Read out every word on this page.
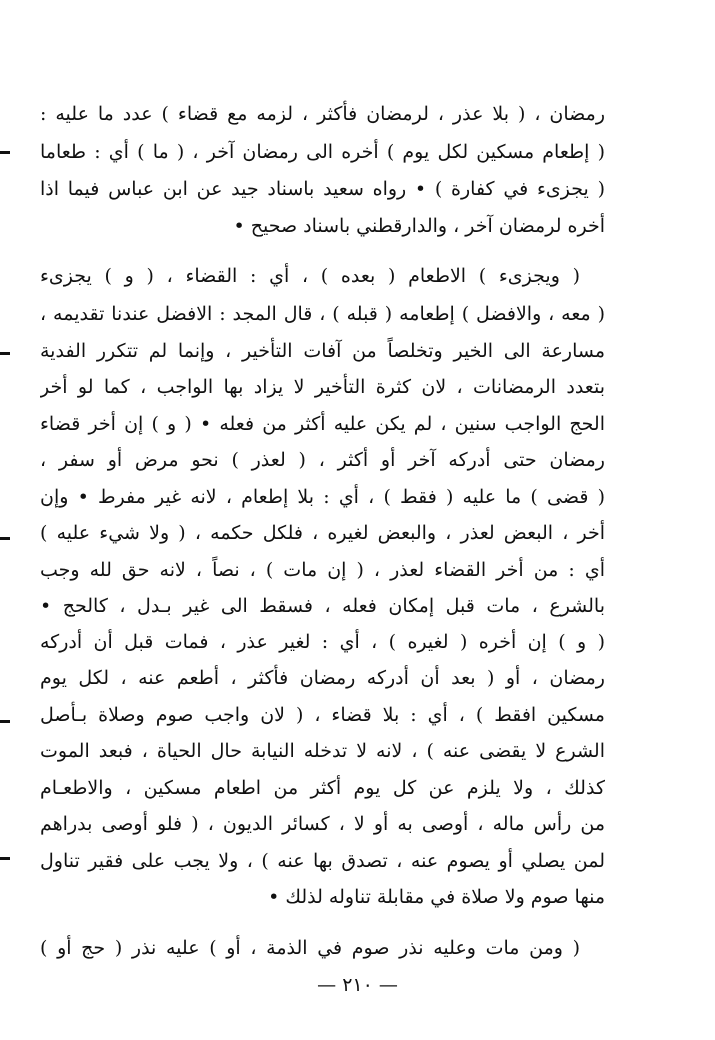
رمضان ، ( بلا عذر ، لرمضان فأكثر ، لزمه مع قضاء ) عدد ما عليه :
( إطعام مسكين لكل يوم ) أخره الى رمضان آخر ، ( ما ) أي : طعاما
( يجزىء في كفارة ) • رواه سعيد باسناد جيد عن ابن عباس فيما اذا
أخره لرمضان آخر ، والدارقطني باسناد صحيح •
( ويجزىء ) الاطعام ( بعده ) ، أي : القضاء ، ( و ) يجزىء
( معه ، والافضل ) إطعامه ( قبله ) ، قال المجد : الافضل عندنا تقديمه ،
مسارعة الى الخير وتخلصاً من آفات التأخير ، وإنما لم تتكرر الفدية
بتعدد الرمضانات ، لان كثرة التأخير لا يزاد بها الواجب ، كما لو أخر
الحج الواجب سنين ، لم يكن عليه أكثر من فعله • ( و ) إن أخر قضاء
رمضان حتى أدركه آخر أو أكثر ، ( لعذر ) نحو مرض أو سفر ،
( قضى ) ما عليه ( فقط ) ، أي : بلا إطعام ، لانه غير مفرط • وإن
أخر ، البعض لعذر ، والبعض لغيره ، فلكل حكمه ، ( ولا شيء عليه )
أي : من أخر القضاء لعذر ، ( إن مات ) ، نصاً ، لانه حق لله وجب
بالشرع ، مات قبل إمكان فعله ، فسقط الى غير بـدل ، كالحج •
( و ) إن أخره ( لغيره ) ، أي : لغير عذر ، فمات قبل أن أدركه
رمضان ، أو ( بعد أن أدركه رمضان فأكثر ، أطعم عنه ، لكل يوم
مسكين افقط ) ، أي : بلا قضاء ، ( لان واجب صوم وصلاة بـأصل
الشرع لا يقضى عنه ) ، لانه لا تدخله النيابة حال الحياة ، فبعد الموت
كذلك ، ولا يلزم عن كل يوم أكثر من اطعام مسكين ، والاطعـام
من رأس ماله ، أوصى به أو لا ، كسائر الديون ، ( فلو أوصى بدراهم
لمن يصلي أو يصوم عنه ، تصدق بها عنه ) ، ولا يجب على فقير تناول
منها صوم ولا صلاة في مقابلة تناوله لذلك •
( ومن مات وعليه نذر صوم في الذمة ، أو ) عليه نذر ( حج أو )
— ٢١٠ —
